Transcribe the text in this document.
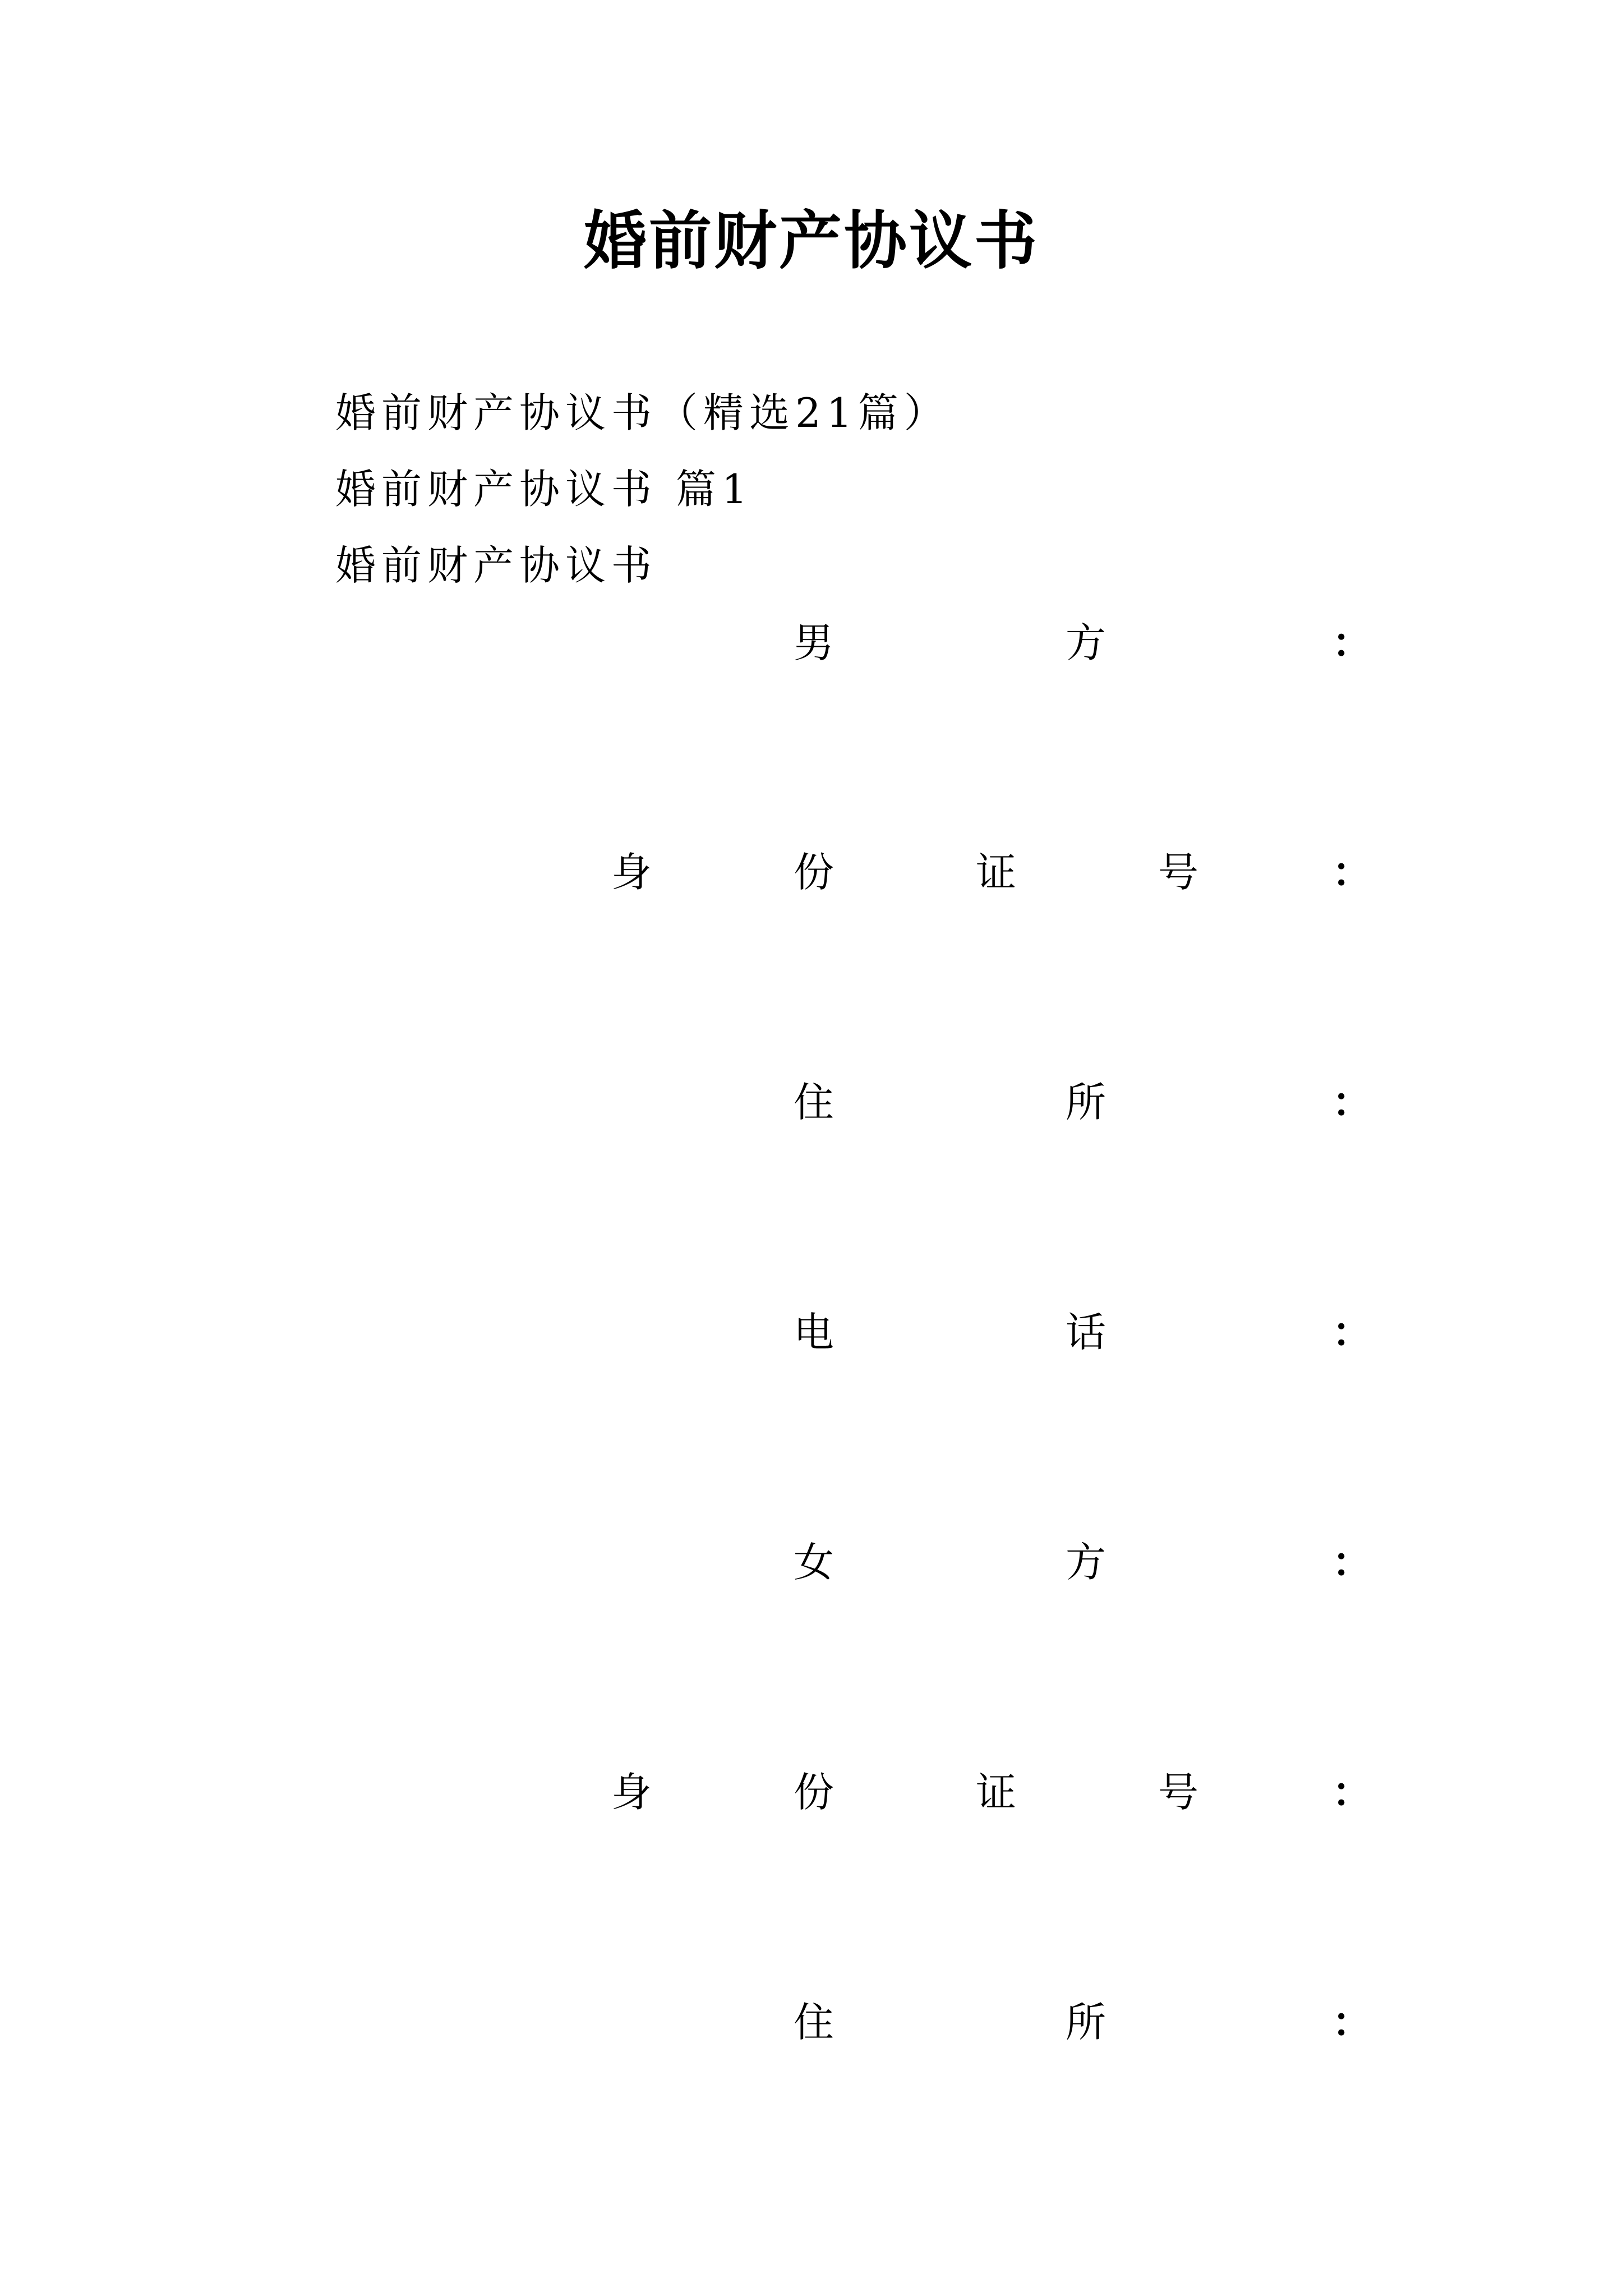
婚前财产协议书
婚前财产协议书（精选21篇）
婚前财产协议书 篇1
婚前财产协议书
男	方	：
身	份	证	号	：
住	所	：
电	话	：
女	方	：
身	份	证	号	：
住	所	：
